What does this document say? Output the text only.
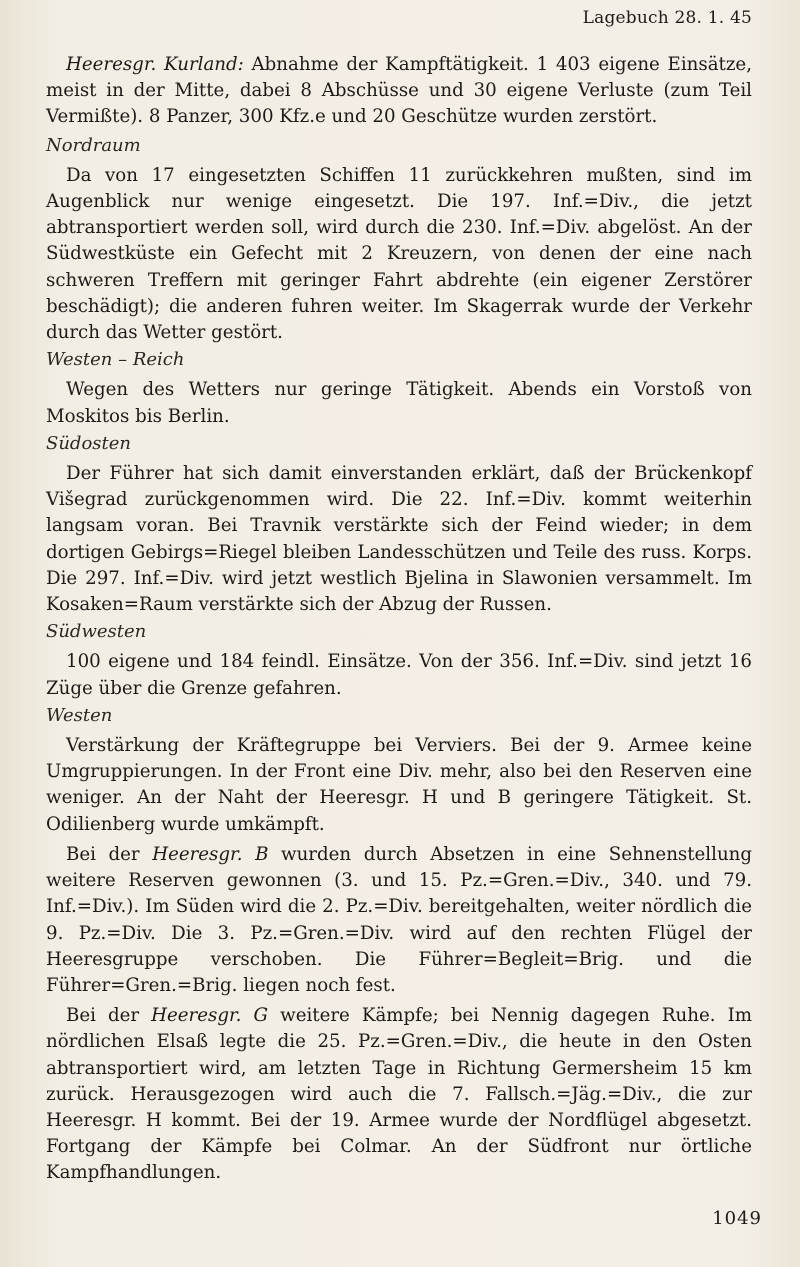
Lagebuch 28. 1. 45

Heeresgr. Kurland: Abnahme der Kampftätigkeit. 1 403 eigene Einsätze, meist in der Mitte, dabei 8 Abschüsse und 30 eigene Verluste (zum Teil Vermißte). 8 Panzer, 300 Kfz.e und 20 Geschütze wurden zerstört.

Nordraum

Da von 17 eingesetzten Schiffen 11 zurückkehren mußten, sind im Augenblick nur wenige eingesetzt. Die 197. Inf.=Div., die jetzt abtransportiert werden soll, wird durch die 230. Inf.=Div. abgelöst. An der Südwestküste ein Gefecht mit 2 Kreuzern, von denen der eine nach schweren Treffern mit geringer Fahrt abdrehte (ein eigener Zerstörer beschädigt); die anderen fuhren weiter. Im Skagerrak wurde der Verkehr durch das Wetter gestört.

Westen – Reich

Wegen des Wetters nur geringe Tätigkeit. Abends ein Vorstoß von Moskitos bis Berlin.

Südosten

Der Führer hat sich damit einverstanden erklärt, daß der Brückenkopf Višegrad zurückgenommen wird. Die 22. Inf.=Div. kommt weiterhin langsam voran. Bei Travnik verstärkte sich der Feind wieder; in dem dortigen Gebirgs=Riegel bleiben Landesschützen und Teile des russ. Korps. Die 297. Inf.=Div. wird jetzt westlich Bjelina in Slawonien versammelt. Im Kosaken=Raum verstärkte sich der Abzug der Russen.

Südwesten

100 eigene und 184 feindl. Einsätze. Von der 356. Inf.=Div. sind jetzt 16 Züge über die Grenze gefahren.

Westen

Verstärkung der Kräftegruppe bei Verviers. Bei der 9. Armee keine Umgruppierungen. In der Front eine Div. mehr, also bei den Reserven eine weniger. An der Naht der Heeresgr. H und B geringere Tätigkeit. St. Odilienberg wurde umkämpft.

Bei der Heeresgr. B wurden durch Absetzen in eine Sehnenstellung weitere Reserven gewonnen (3. und 15. Pz.=Gren.=Div., 340. und 79. Inf.=Div.). Im Süden wird die 2. Pz.=Div. bereitgehalten, weiter nördlich die 9. Pz.=Div. Die 3. Pz.=Gren.=Div. wird auf den rechten Flügel der Heeresgruppe verschoben. Die Führer=Begleit=Brig. und die Führer=Gren.=Brig. liegen noch fest.

Bei der Heeresgr. G weitere Kämpfe; bei Nennig dagegen Ruhe. Im nördlichen Elsaß legte die 25. Pz.=Gren.=Div., die heute in den Osten abtransportiert wird, am letzten Tage in Richtung Germersheim 15 km zurück. Herausgezogen wird auch die 7. Fallsch.=Jäg.=Div., die zur Heeresgr. H kommt. Bei der 19. Armee wurde der Nordflügel abgesetzt. Fortgang der Kämpfe bei Colmar. An der Südfront nur örtliche Kampfhandlungen.

1049
